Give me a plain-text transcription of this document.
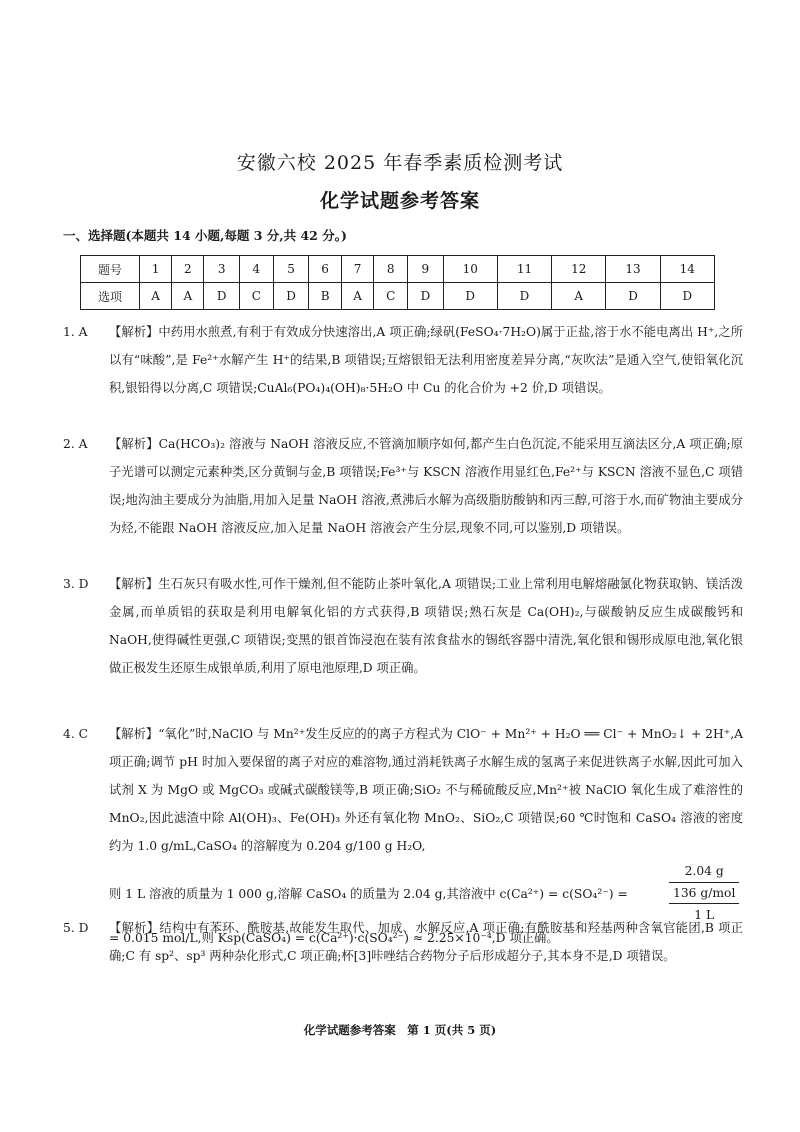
安徽六校 2025 年春季素质检测考试
化学试题参考答案
一、选择题(本题共 14 小题,每题 3 分,共 42 分。)
题号	1	2	3	4	5	6	7	8	9	10	11	12	13	14
选项	A	A	D	C	D	B	A	C	D	D	D	A	D	D
1. A	【解析】中药用水煎煮,有利于有效成分快速溶出,A 项正确;绿矾(FeSO₄·7H₂O)属于正盐,溶于水不能电离出 H⁺,之所以有“味酸”,是 Fe²⁺水解产生 H⁺的结果,B 项错误;互熔银铅无法利用密度差异分离,“灰吹法”是通入空气,使铅氧化沉积,银铅得以分离,C 项错误;CuAl₆(PO₄)₄(OH)₈·5H₂O 中 Cu 的化合价为 +2 价,D 项错误。

2. A	【解析】Ca(HCO₃)₂ 溶液与 NaOH 溶液反应,不管滴加顺序如何,都产生白色沉淀,不能采用互滴法区分,A 项正确;原子光谱可以测定元素种类,区分黄铜与金,B 项错误;Fe³⁺与 KSCN 溶液作用显红色,Fe²⁺与 KSCN 溶液不显色,C 项错误;地沟油主要成分为油脂,用加入足量 NaOH 溶液,煮沸后水解为高级脂肪酸钠和丙三醇,可溶于水,而矿物油主要成分为烃,不能跟 NaOH 溶液反应,加入足量 NaOH 溶液会产生分层,现象不同,可以鉴别,D 项错误。

3. D	【解析】生石灰只有吸水性,可作干燥剂,但不能防止茶叶氧化,A 项错误;工业上常利用电解熔融氯化物获取钠、镁活泼金属,而单质铝的获取是利用电解氧化铝的方式获得,B 项错误;熟石灰是 Ca(OH)₂,与碳酸钠反应生成碳酸钙和 NaOH,使得碱性更强,C 项错误;变黑的银首饰浸泡在装有浓食盐水的锡纸容器中清洗,氧化银和锡形成原电池,氧化银做正极发生还原生成银单质,利用了原电池原理,D 项正确。

4. C	【解析】“氧化”时,NaClO 与 Mn²⁺发生反应的的离子方程式为 ClO⁻ + Mn²⁺ + H₂O ══ Cl⁻ + MnO₂↓ + 2H⁺,A 项正确;调节 pH 时加入要保留的离子对应的难溶物,通过消耗铁离子水解生成的氢离子来促进铁离子水解,因此可加入试剂 X 为 MgO 或 MgCO₃ 或碱式碳酸镁等,B 项正确;SiO₂ 不与稀硫酸反应,Mn²⁺被 NaClO 氧化生成了难溶性的 MnO₂,因此滤渣中除 Al(OH)₃、Fe(OH)₃ 外还有氧化物 MnO₂、SiO₂,C 项错误;60 ℃时饱和 CaSO₄ 溶液的密度约为 1.0 g/mL,CaSO₄ 的溶解度为 0.204 g/100 g H₂O,

则 1 L 溶液的质量为 1 000 g,溶解 CaSO₄ 的质量为 2.04 g,其溶液中 c(Ca²⁺) = c(SO₄²⁻) =
2.04 g
136 g/mol
1 L

= 0.015 mol/L,则 Ksp(CaSO₄) = c(Ca²⁺)·c(SO₄²⁻) ≈ 2.25×10⁻⁴,D 项正确。

5. D	【解析】结构中有苯环、酰胺基,故能发生取代、加成、水解反应,A 项正确;有酰胺基和羟基两种含氧官能团,B 项正确;C 有 sp²、sp³ 两种杂化形式,C 项正确;杯[3]咔唑结合药物分子后形成超分子,其本身不是,D 项错误。

化学试题参考答案　第 1 页(共 5 页)
